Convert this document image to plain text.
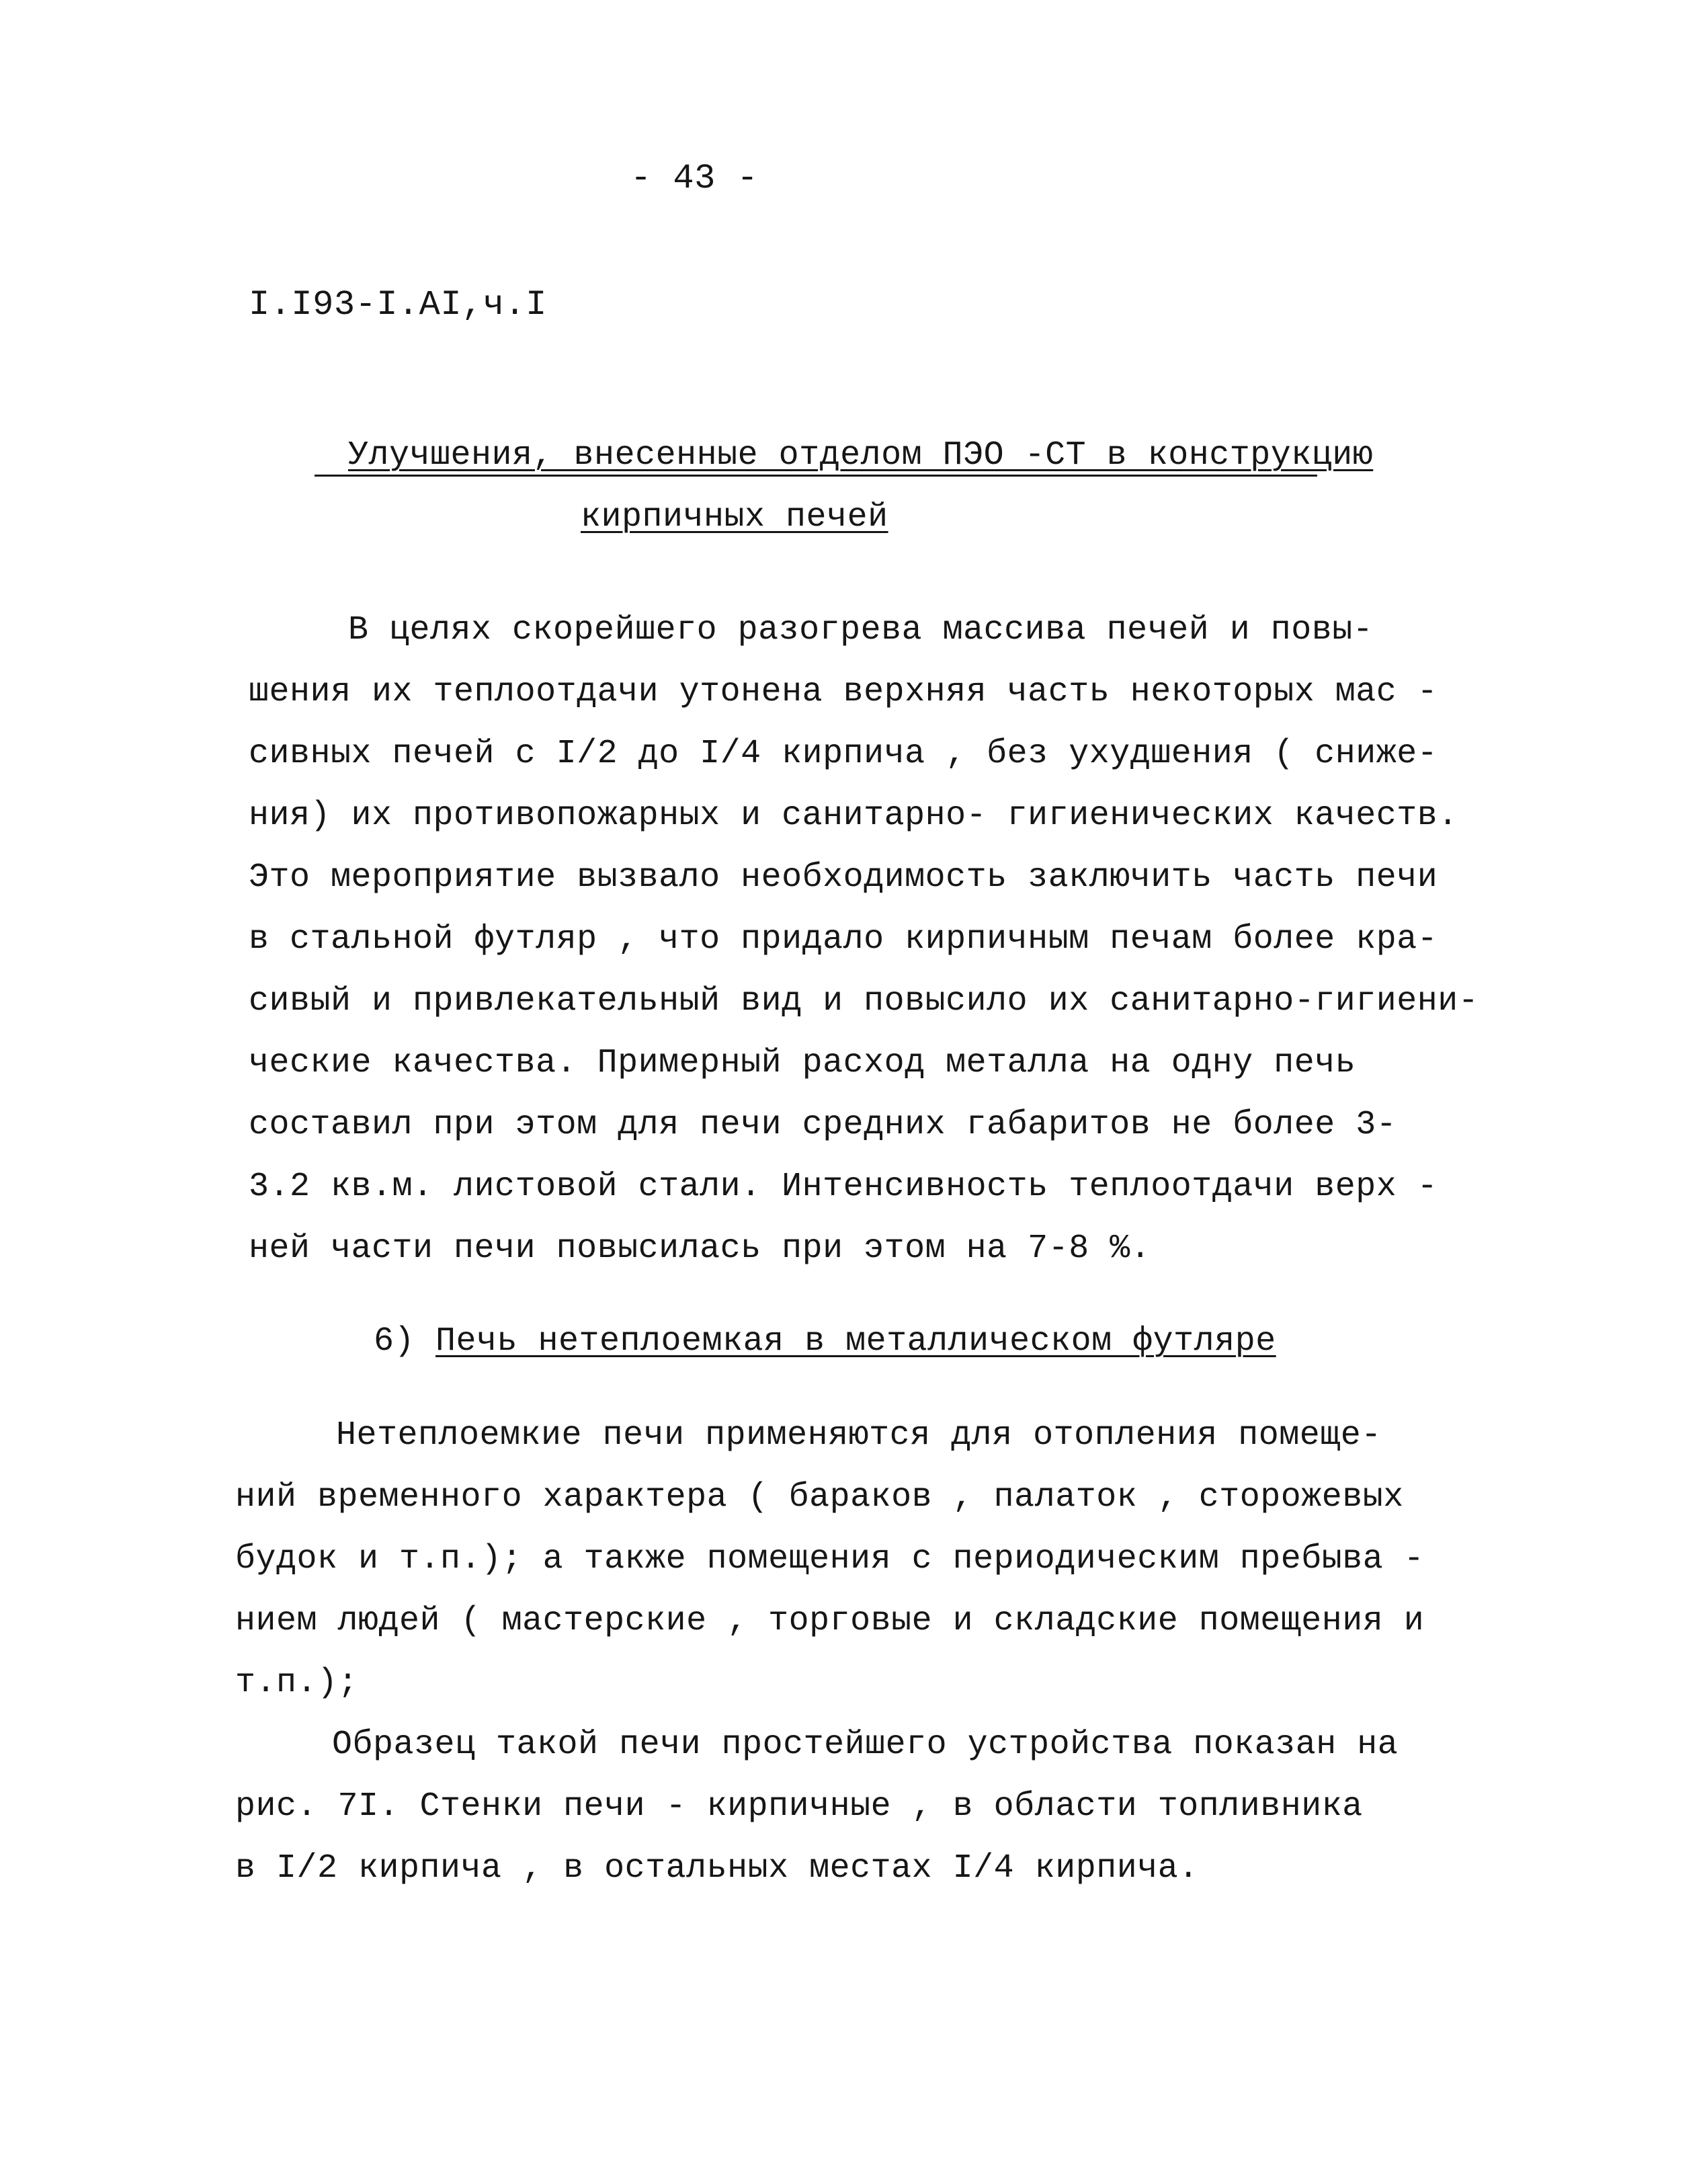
- 43 -
I.I93-I.AI,ч.I
Улучшения, внесенные отделом ПЭО -СТ в конструкцию
кирпичных печей
В целях скорейшего разогрева массива печей и повы-
шения их теплоотдачи утонена верхняя часть некоторых мас -
сивных печей с I/2 до I/4 кирпича , без ухудшения ( сниже-
ния) их противопожарных и санитарно- гигиенических качеств.
Это мероприятие вызвало необходимость заключить часть печи
в стальной футляр , что придало кирпичным печам более кра-
сивый и привлекательный вид и повысило их санитарно-гигиени-
ческие качества. Примерный расход металла на одну печь
составил при этом для печи средних габаритов не более 3-
3.2 кв.м. листовой стали. Интенсивность теплоотдачи верх -
ней части печи повысилась при этом на 7-8 %.
6) Печь нетеплоемкая в металлическом футляре
Нетеплоемкие печи применяются для отопления помеще-
ний временного характера ( бараков , палаток , сторожевых
будок и т.п.); а также помещения с периодическим пребыва -
нием людей ( мастерские , торговые и складские помещения и
т.п.);
Образец такой печи простейшего устройства показан на
рис. 7I. Стенки печи - кирпичные , в области топливника
в I/2 кирпича , в остальных местах I/4 кирпича.
